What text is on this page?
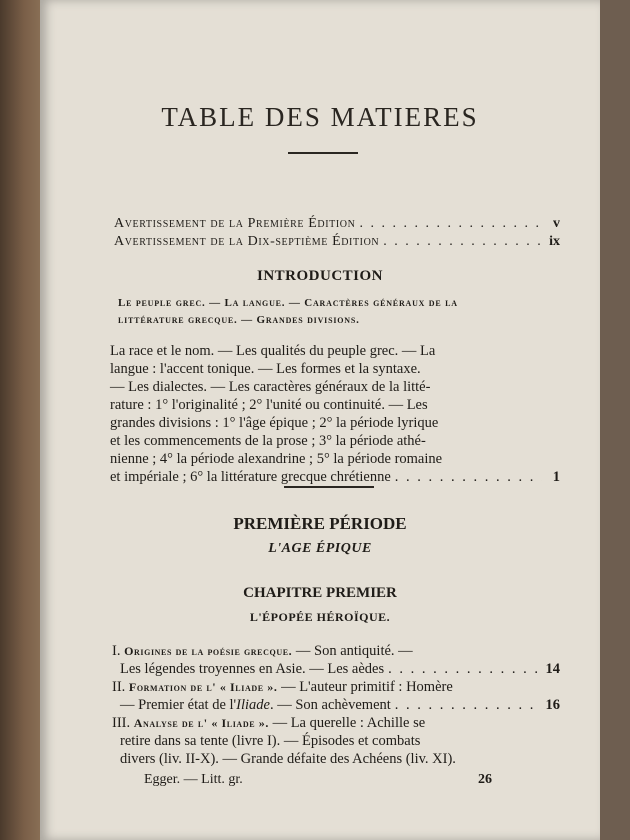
TABLE DES MATIERES
Avertissement de la Première Édition . . .	v
Avertissement de la Dix-septième Édition . . .	ix
INTRODUCTION
Le peuple grec. — La langue. — Caractères généraux de la
littérature grecque. — Grandes divisions.
La race et le nom. — Les qualités du peuple grec. — La
langue : l'accent tonique. — Les formes et la syntaxe.
— Les dialectes. — Les caractères généraux de la litté-
rature : 1° l'originalité ; 2° l'unité ou continuité. — Les
grandes divisions : 1° l'âge épique ; 2° la période lyrique
et les commencements de la prose ; 3° la période athé-
nienne ; 4° la période alexandrine ; 5° la période romaine
et impériale ; 6° la littérature grecque chrétienne . . .	1
PREMIÈRE PÉRIODE
L'AGE ÉPIQUE
CHAPITRE PREMIER
L'ÉPOPÉE HÉROÏQUE.
I. Origines de la poésie grecque. — Son antiquité. —
Les légendes troyennes en Asie. — Les aèdes . . .	14
II. Formation de l' « Iliade ». — L'auteur primitif : Homère
— Premier état de l'Iliade. — Son achèvement . . .	16
III. Analyse de l' « Iliade ». — La querelle : Achille se
retire dans sa tente (livre I). — Épisodes et combats
divers (liv. II-X). — Grande défaite des Achéens (liv. XI).
Egger. — Litt. gr.	26
